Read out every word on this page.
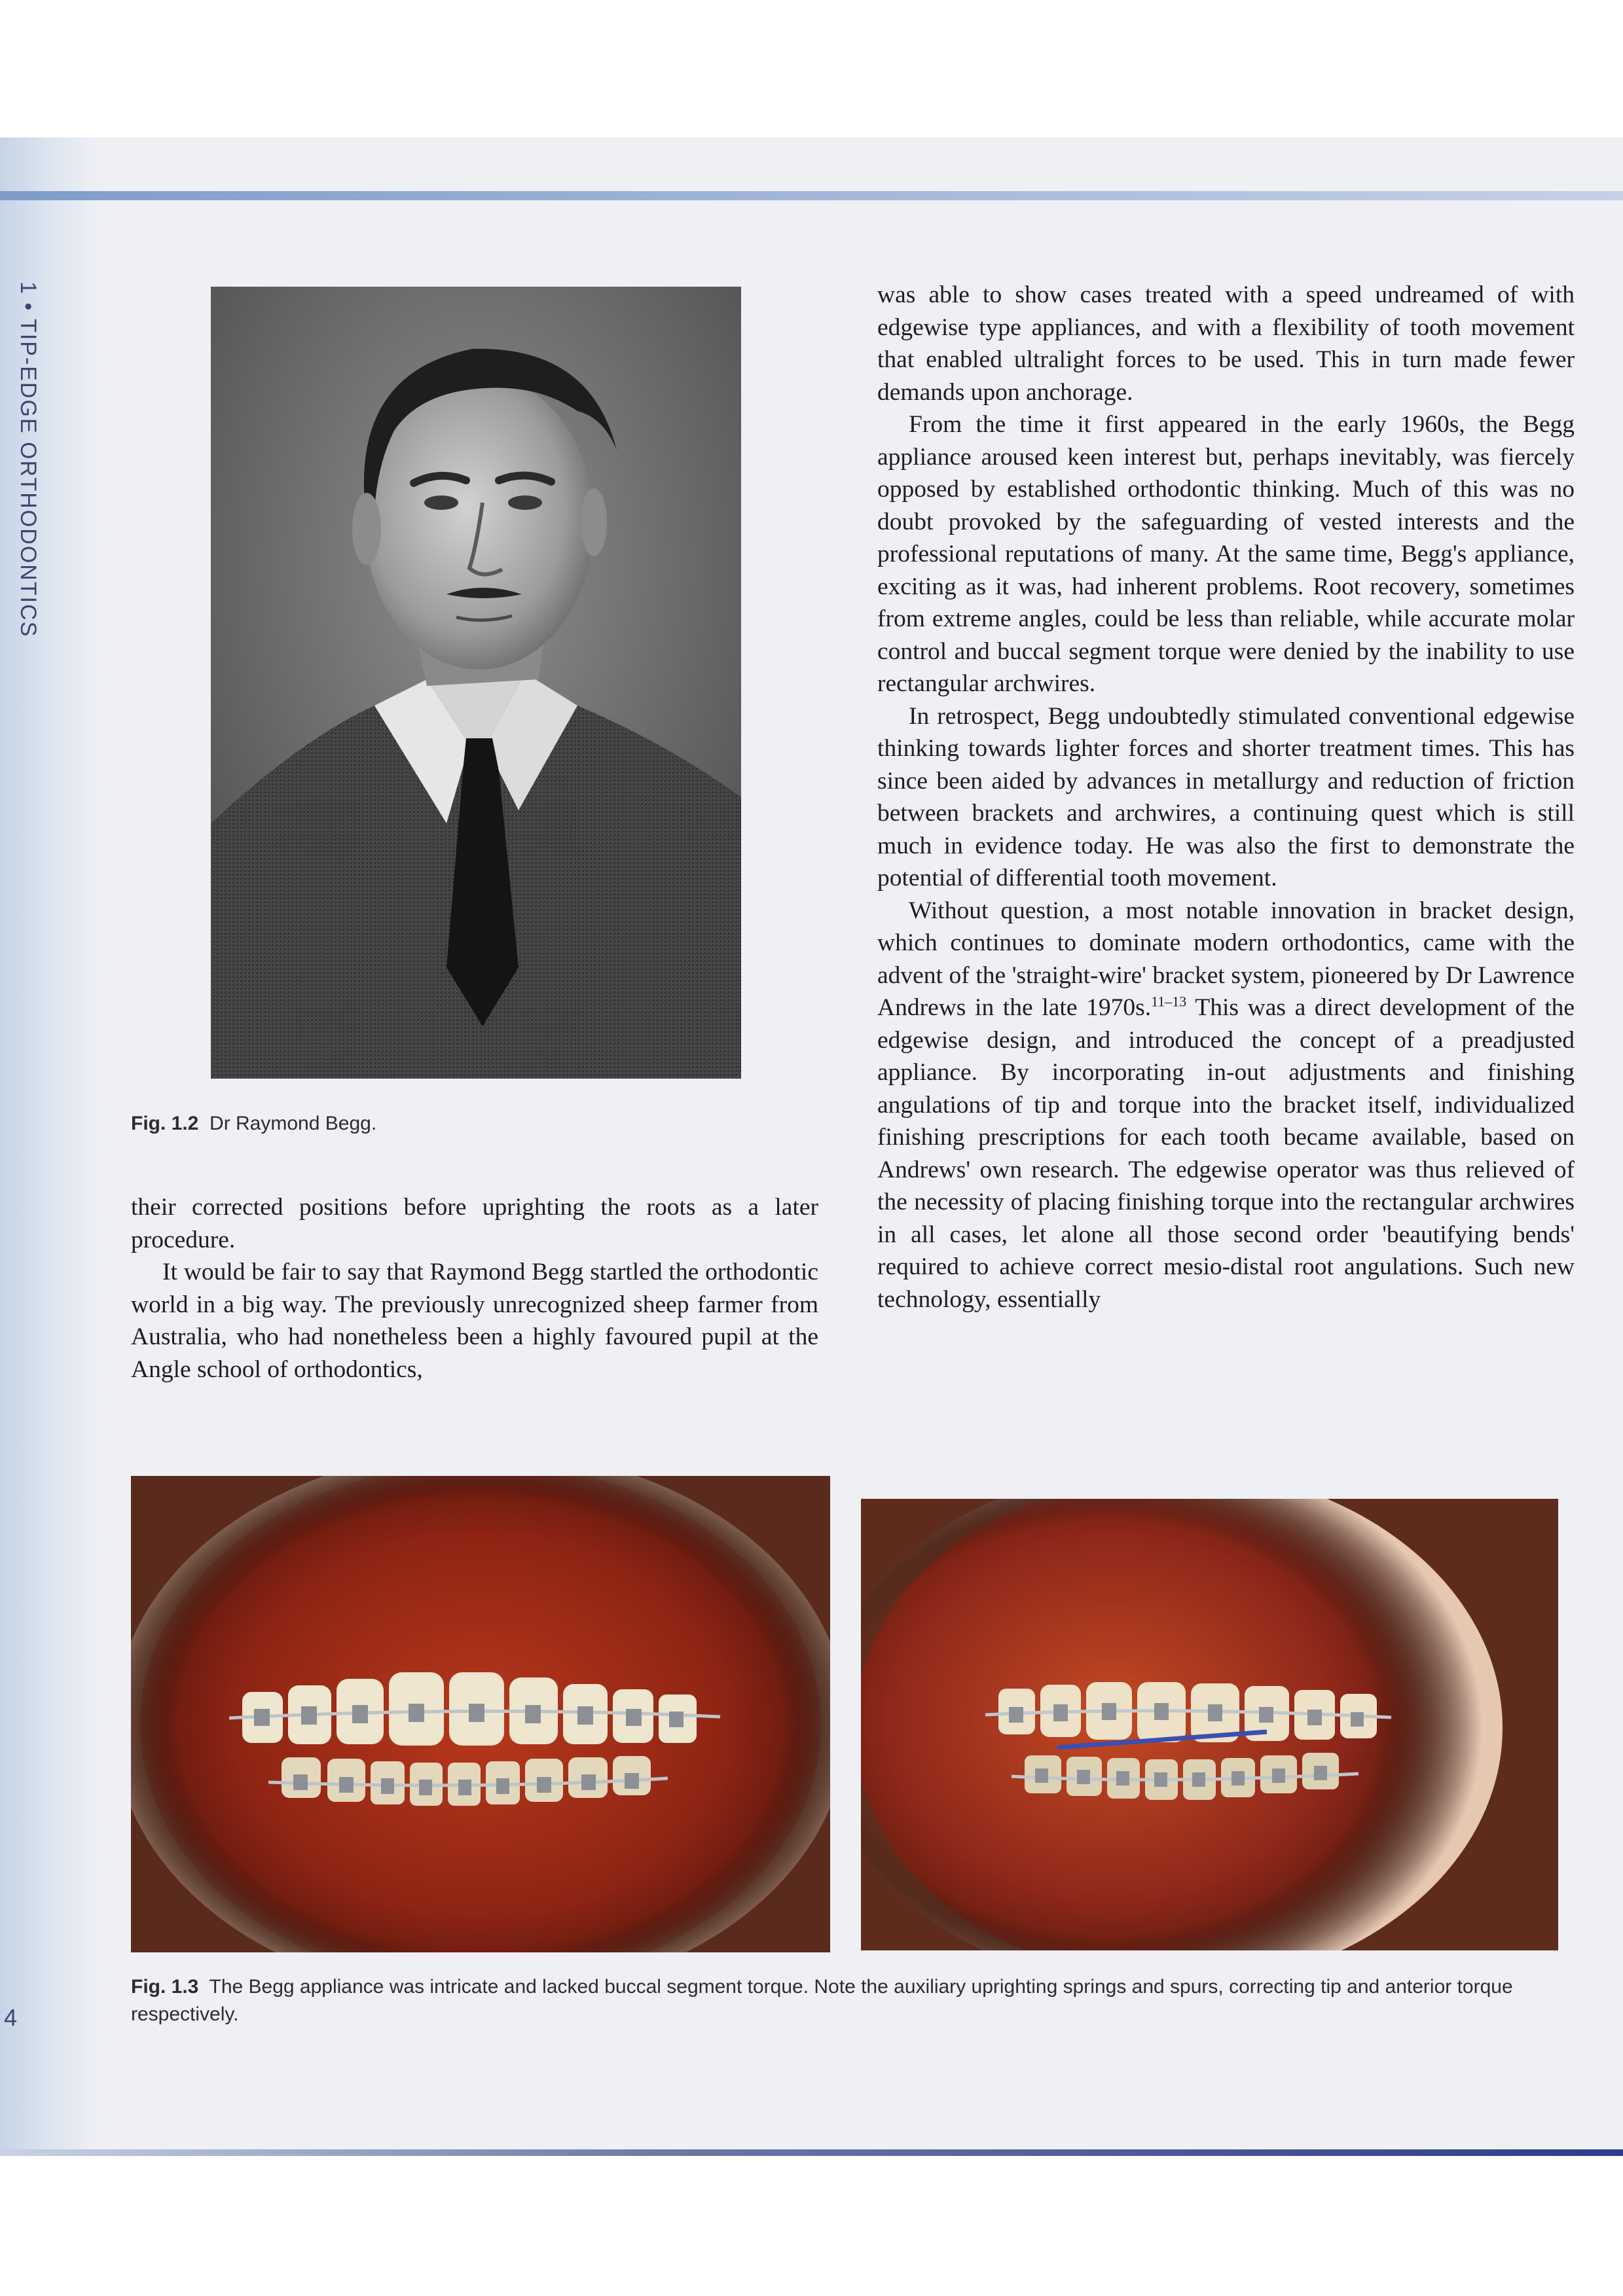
1 • TIP-EDGE ORTHODONTICS
4
Fig. 1.2 Dr Raymond Begg.

was able to show cases treated with a speed undreamed of with edgewise type appliances, and with a flexibility of tooth movement that enabled ultralight forces to be used. This in turn made fewer demands upon anchorage.

From the time it first appeared in the early 1960s, the Begg appliance aroused keen interest but, perhaps inevitably, was fiercely opposed by established orthodontic thinking. Much of this was no doubt provoked by the safeguarding of vested interests and the professional reputations of many. At the same time, Begg's appliance, exciting as it was, had inherent problems. Root recovery, sometimes from extreme angles, could be less than reliable, while accurate molar control and buccal segment torque were denied by the inability to use rectangular archwires.

In retrospect, Begg undoubtedly stimulated conventional edgewise thinking towards lighter forces and shorter treatment times. This has since been aided by advances in metallurgy and reduction of friction between brackets and archwires, a continuing quest which is still much in evidence today. He was also the first to demonstrate the potential of differential tooth movement.

Without question, a most notable innovation in bracket design, which continues to dominate modern orthodontics, came with the advent of the 'straight-wire' bracket system, pioneered by Dr Lawrence Andrews in the late 1970s.$^{11-13}$ This was a direct development of the edgewise design, and introduced the concept of a preadjusted appliance. By incorporating in-out adjustments and finishing angulations of tip and torque into the bracket itself, individualized finishing prescriptions for each tooth became available, based on Andrews' own research. The edgewise operator was thus relieved of the necessity of placing finishing torque into the rectangular archwires in all cases, let alone all those second order 'beautifying bends' required to achieve correct mesio-distal root angulations. Such new technology, essentially

their corrected positions before uprighting the roots as a later procedure.

It would be fair to say that Raymond Begg startled the orthodontic world in a big way. The previously unrecognized sheep farmer from Australia, who had nonetheless been a highly favoured pupil at the Angle school of orthodontics,

Fig. 1.3 The Begg appliance was intricate and lacked buccal segment torque. Note the auxiliary uprighting springs and spurs, correcting tip and anterior torque respectively.
